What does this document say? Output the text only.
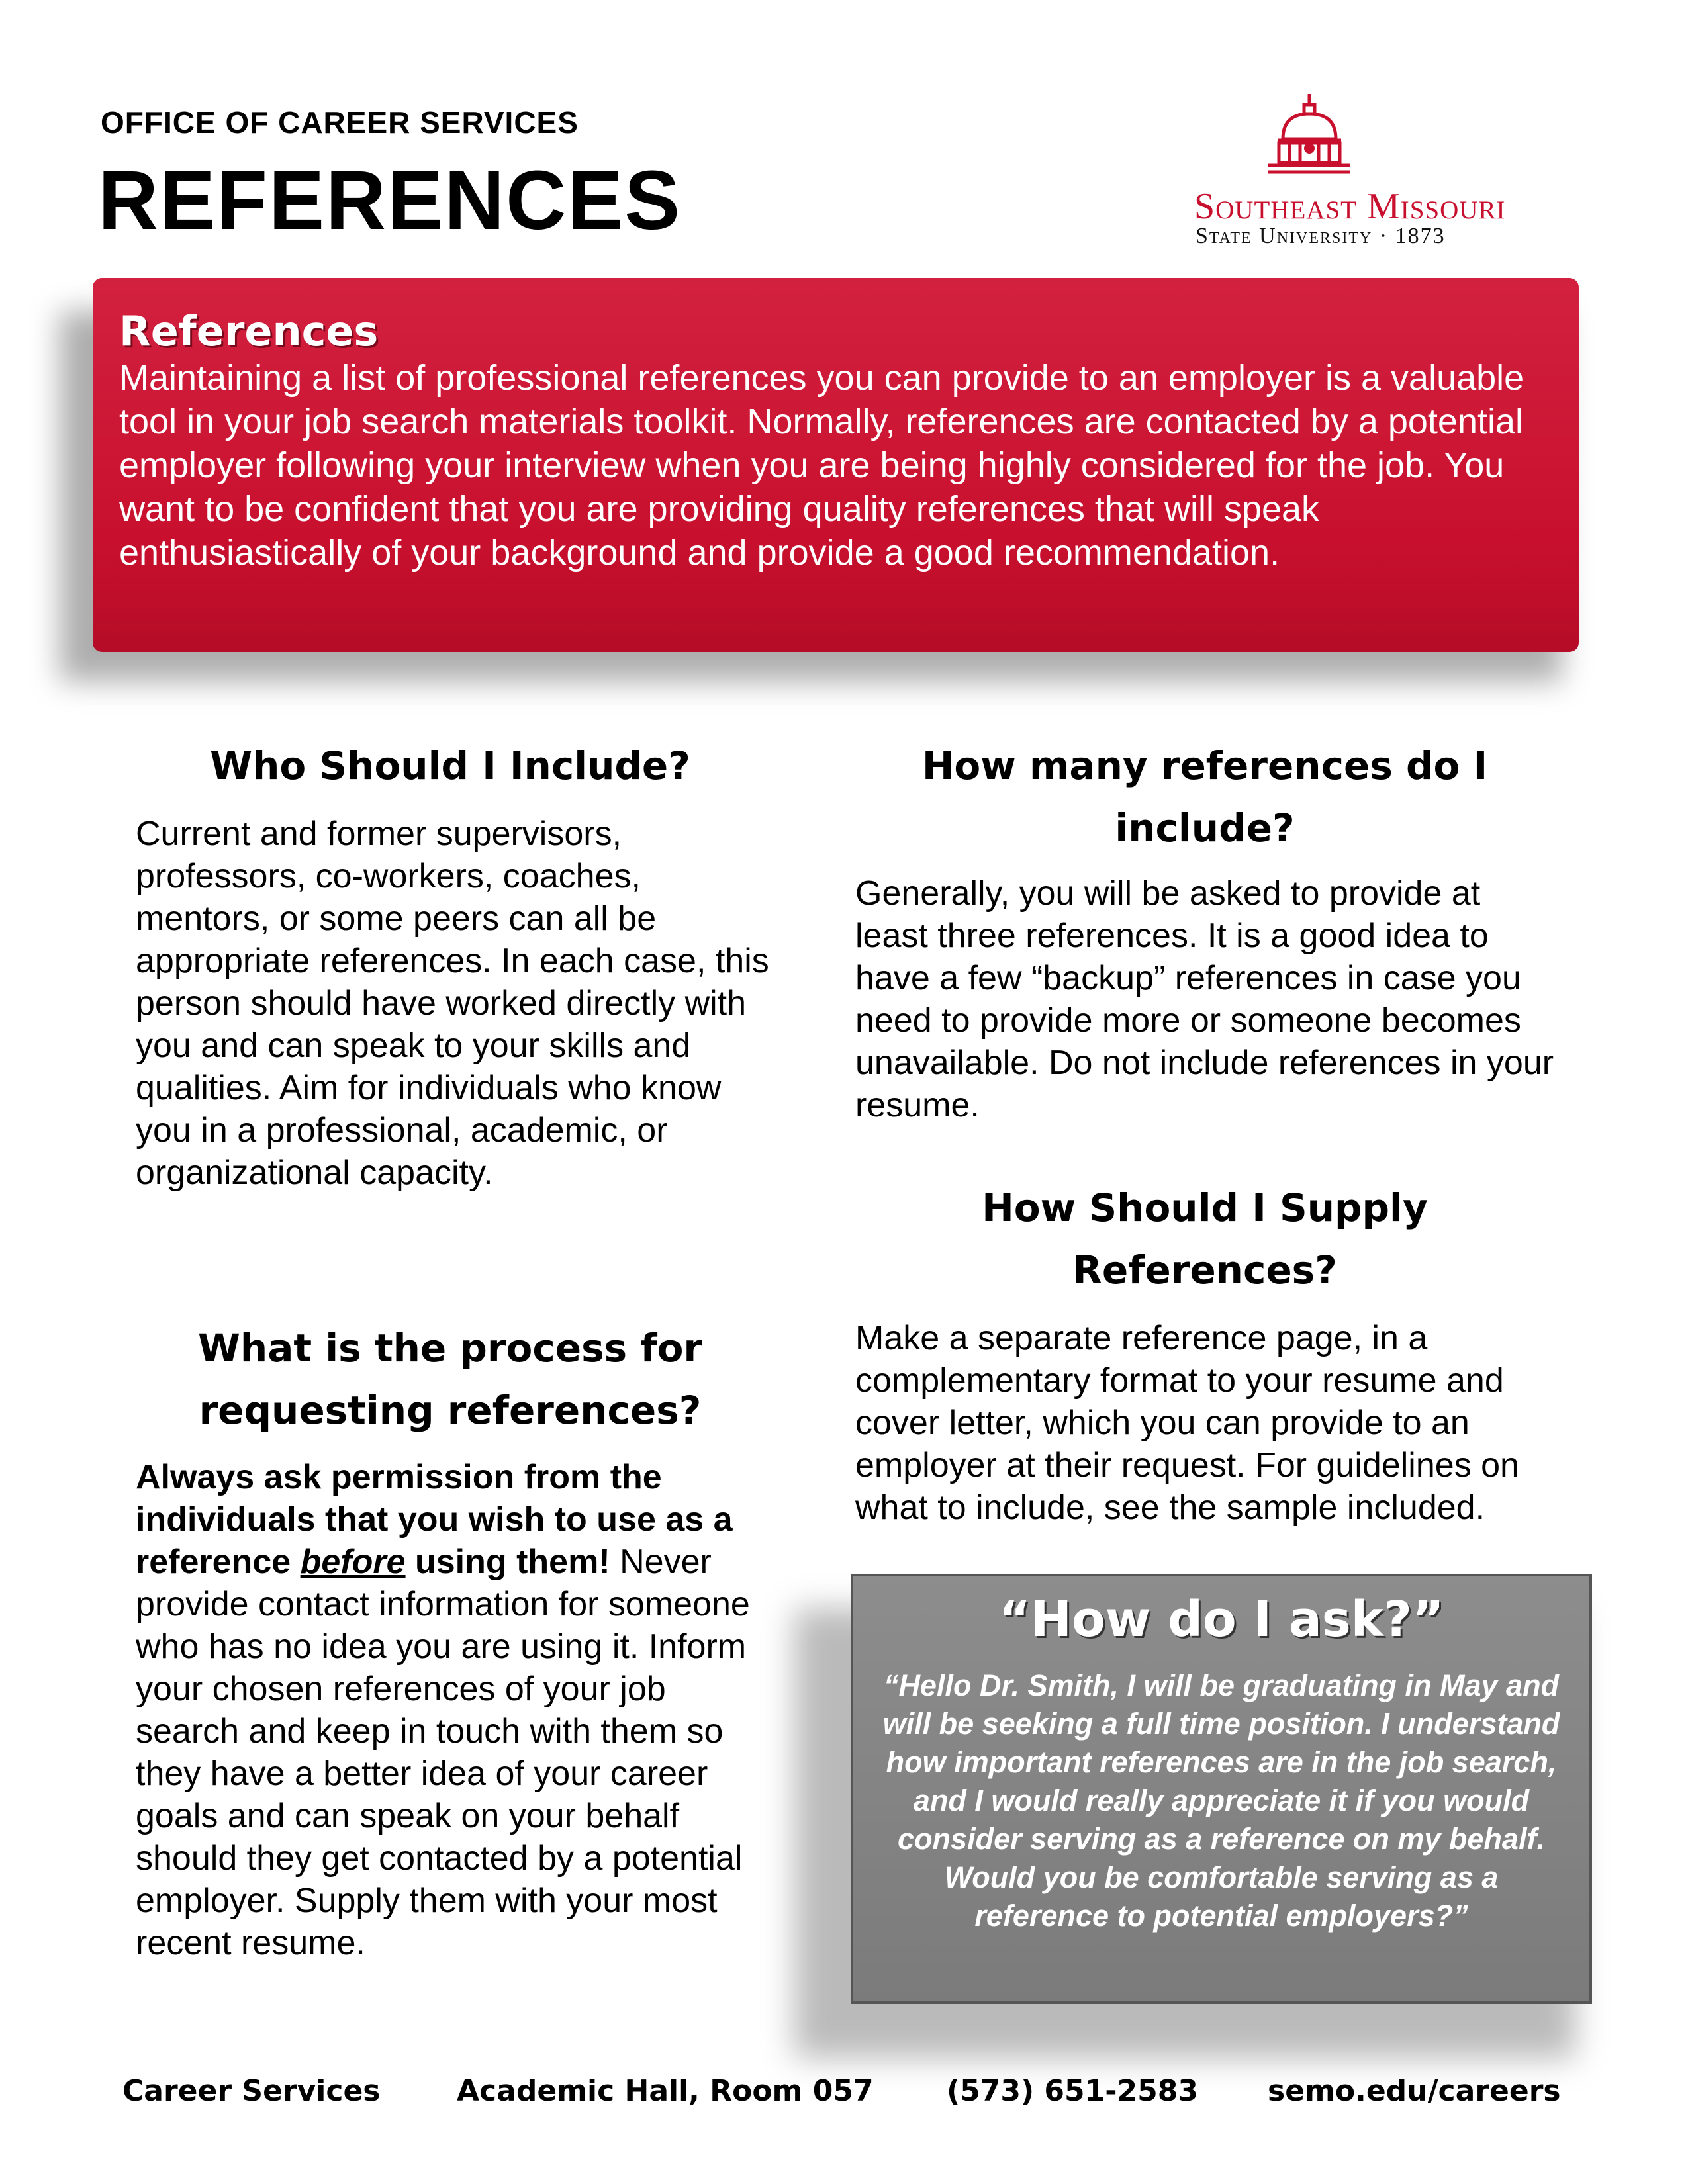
OFFICE OF CAREER SERVICES
REFERENCES	Southeast Missouri
State University · 1873
References

Maintaining a list of professional references you can provide to an employer is a valuable tool in your job search materials toolkit. Normally, references are contacted by a potential employer following your interview when you are being highly considered for the job. You want to be confident that you are providing quality references that will speak enthusiastically of your background and provide a good recommendation.

Who Should I Include?
Current and former supervisors, professors, co-workers, coaches, mentors, or some peers can all be appropriate references. In each case, this person should have worked directly with you and can speak to your skills and qualities. Aim for individuals who know you in a professional, academic, or organizational capacity.
What is the process for requesting references?
Always ask permission from the individuals that you wish to use as a reference before using them! Never provide contact information for someone who has no idea you are using it. Inform your chosen references of your job search and keep in touch with them so they have a better idea of your career goals and can speak on your behalf should they get contacted by a potential employer. Supply them with your most recent resume.
How many references do I include?
Generally, you will be asked to provide at least three references. It is a good idea to have a few “backup” references in case you need to provide more or someone becomes unavailable. Do not include references in your resume.
How Should I Supply References?
Make a separate reference page, in a complementary format to your resume and cover letter, which you can provide to an employer at their request. For guidelines on what to include, see the sample included.
“How do I ask?”

“Hello Dr. Smith, I will be graduating in May and will be seeking a full time position. I understand how important references are in the job search, and I would really appreciate it if you would consider serving as a reference on my behalf. Would you be comfortable serving as a reference to potential employers?”

Career Services	Academic Hall, Room 057	(573) 651-2583 semo.edu/careers
